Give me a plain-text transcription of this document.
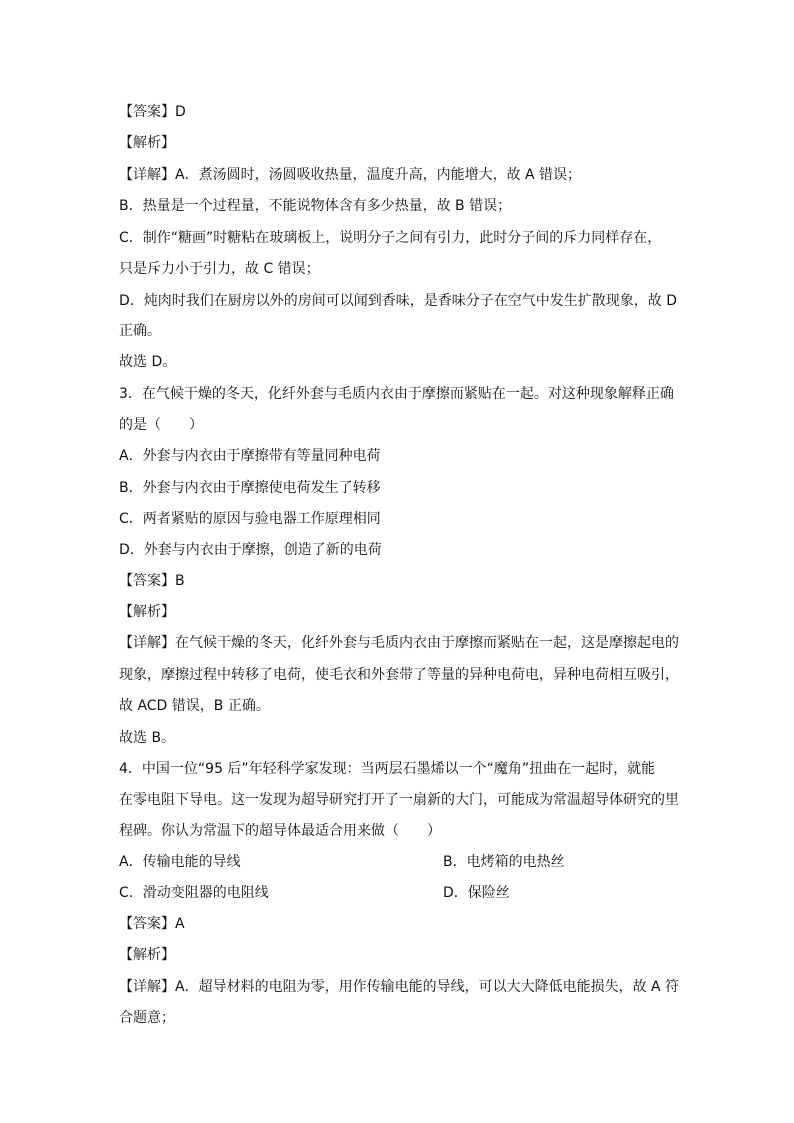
【答案】D
【解析】
【详解】A．煮汤圆时，汤圆吸收热量，温度升高，内能增大，故 A 错误；
B．热量是一个过程量，不能说物体含有多少热量，故 B 错误；
C．制作“糖画”时糖粘在玻璃板上，说明分子之间有引力，此时分子间的斥力同样存在，
只是斥力小于引力，故 C 错误；
D．炖肉时我们在厨房以外的房间可以闻到香味，是香味分子在空气中发生扩散现象，故 D
正确。
故选 D。
3．在气候干燥的冬天，化纤外套与毛质内衣由于摩擦而紧贴在一起。对这种现象解释正确
的是（　　）
A．外套与内衣由于摩擦带有等量同种电荷
B．外套与内衣由于摩擦使电荷发生了转移
C．两者紧贴的原因与验电器工作原理相同
D．外套与内衣由于摩擦，创造了新的电荷
【答案】B
【解析】
【详解】在气候干燥的冬天，化纤外套与毛质内衣由于摩擦而紧贴在一起，这是摩擦起电的
现象，摩擦过程中转移了电荷，使毛衣和外套带了等量的异种电荷电，异种电荷相互吸引，
故 ACD 错误，B 正确。
故选 B。
4．中国一位“95 后”年轻科学家发现：当两层石墨烯以一个“魔角”扭曲在一起时，就能
在零电阻下导电。这一发现为超导研究打开了一扇新的大门，可能成为常温超导体研究的里
程碑。你认为常温下的超导体最适合用来做（　　）
A．传输电能的导线	B．电烤箱的电热丝
C．滑动变阻器的电阻线	D．保险丝
【答案】A
【解析】
【详解】A．超导材料的电阻为零，用作传输电能的导线，可以大大降低电能损失，故 A 符
合题意；
